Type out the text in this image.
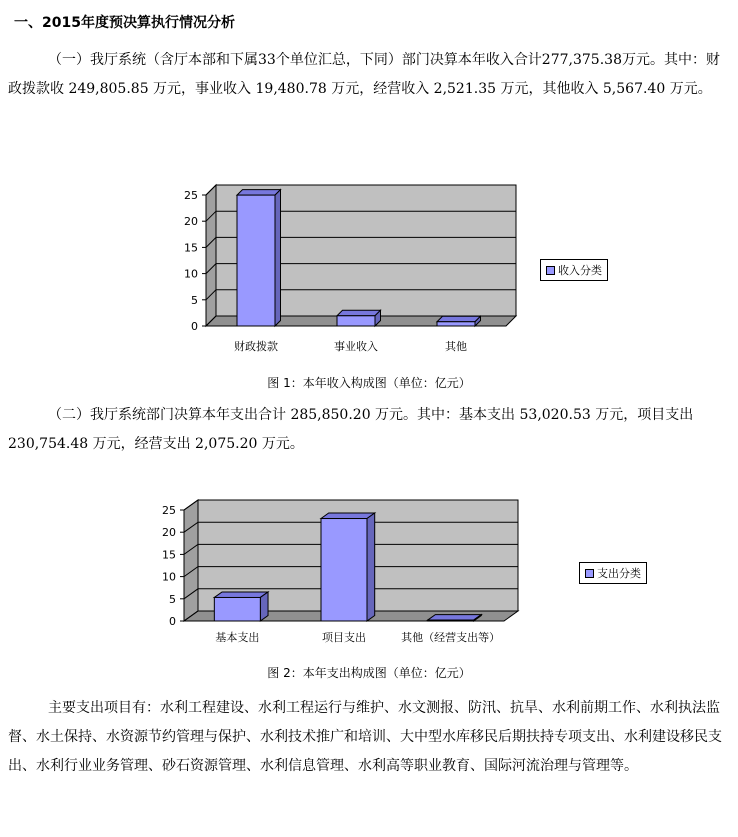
一、2015年度预决算执行情况分析
（一）我厅系统（含厅本部和下属33个单位汇总，下同）部门决算本年收入合计277,375.38万元。其中：财政拨款收 249,805.85 万元，事业收入 19,480.78 万元，经营收入 2,521.35 万元，其他收入 5,567.40 万元。
0
5
10
15
20
25
财政拨款	事业收入	其他
收入分类
图 1：本年收入构成图（单位：亿元）
（二）我厅系统部门决算本年支出合计 285,850.20 万元。其中：基本支出 53,020.53 万元，项目支出 230,754.48 万元，经营支出 2,075.20 万元。
0
5
10
15
20
25
基本支出	项目支出	其他（经营支出等）
支出分类
图 2：本年支出构成图（单位：亿元）
主要支出项目有：水利工程建设、水利工程运行与维护、水文测报、防汛、抗旱、水利前期工作、水利执法监督、水土保持、水资源节约管理与保护、水利技术推广和培训、大中型水库移民后期扶持专项支出、水利建设移民支出、水利行业业务管理、砂石资源管理、水利信息管理、水利高等职业教育、国际河流治理与管理等。
